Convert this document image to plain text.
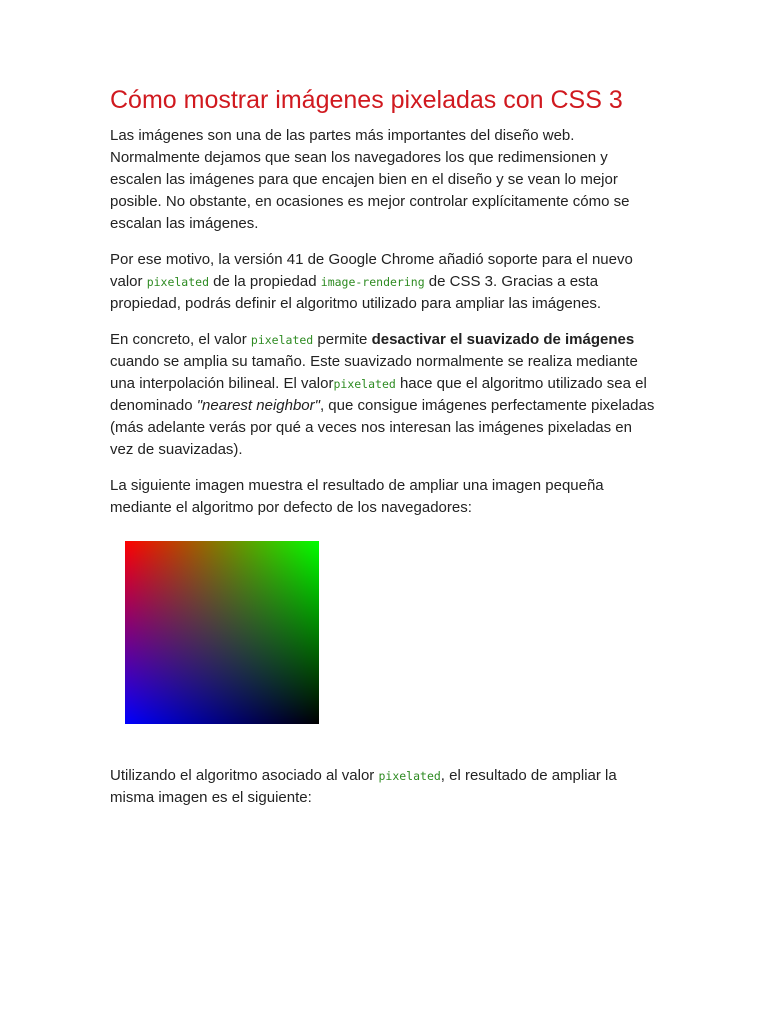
Cómo mostrar imágenes pixeladas con CSS 3

Las imágenes son una de las partes más importantes del diseño web. Normalmente dejamos que sean los navegadores los que redimensionen y escalen las imágenes para que encajen bien en el diseño y se vean lo mejor posible. No obstante, en ocasiones es mejor controlar explícitamente cómo se escalan las imágenes.

Por ese motivo, la versión 41 de Google Chrome añadió soporte para el nuevo valor pixelated de la propiedad image-rendering de CSS 3. Gracias a esta propiedad, podrás definir el algoritmo utilizado para ampliar las imágenes.

En concreto, el valor pixelated permite desactivar el suavizado de imágenes cuando se amplia su tamaño. Este suavizado normalmente se realiza mediante una interpolación bilineal. El valorpixelated hace que el algoritmo utilizado sea el denominado "nearest neighbor", que consigue imágenes perfectamente pixeladas (más adelante verás por qué a veces nos interesan las imágenes pixeladas en vez de suavizadas).

La siguiente imagen muestra el resultado de ampliar una imagen pequeña mediante el algoritmo por defecto de los navegadores:

Utilizando el algoritmo asociado al valor pixelated, el resultado de ampliar la misma imagen es el siguiente:
